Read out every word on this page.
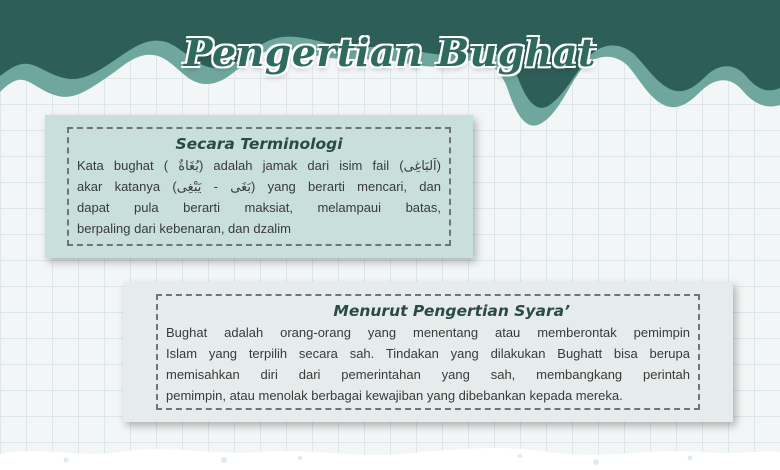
Pengertian Bughat
Secara Terminologi
Kata bughat ( بُغَاةٌ) adalah jamak dari isim fail (اَلبَاغِى)
akar katanya (بَغَى - يَبْغِى) yang berarti mencari, dan
dapat pula berarti maksiat, melampaui batas,
berpaling dari kebenaran, dan dzalim
Menurut Pengertian Syara’
Bughat adalah orang-orang yang menentang atau memberontak pemimpin
Islam yang terpilih secara sah. Tindakan yang dilakukan Bughatt bisa berupa
memisahkan diri dari pemerintahan yang sah, membangkang perintah
pemimpin, atau menolak berbagai kewajiban yang dibebankan kepada mereka.
